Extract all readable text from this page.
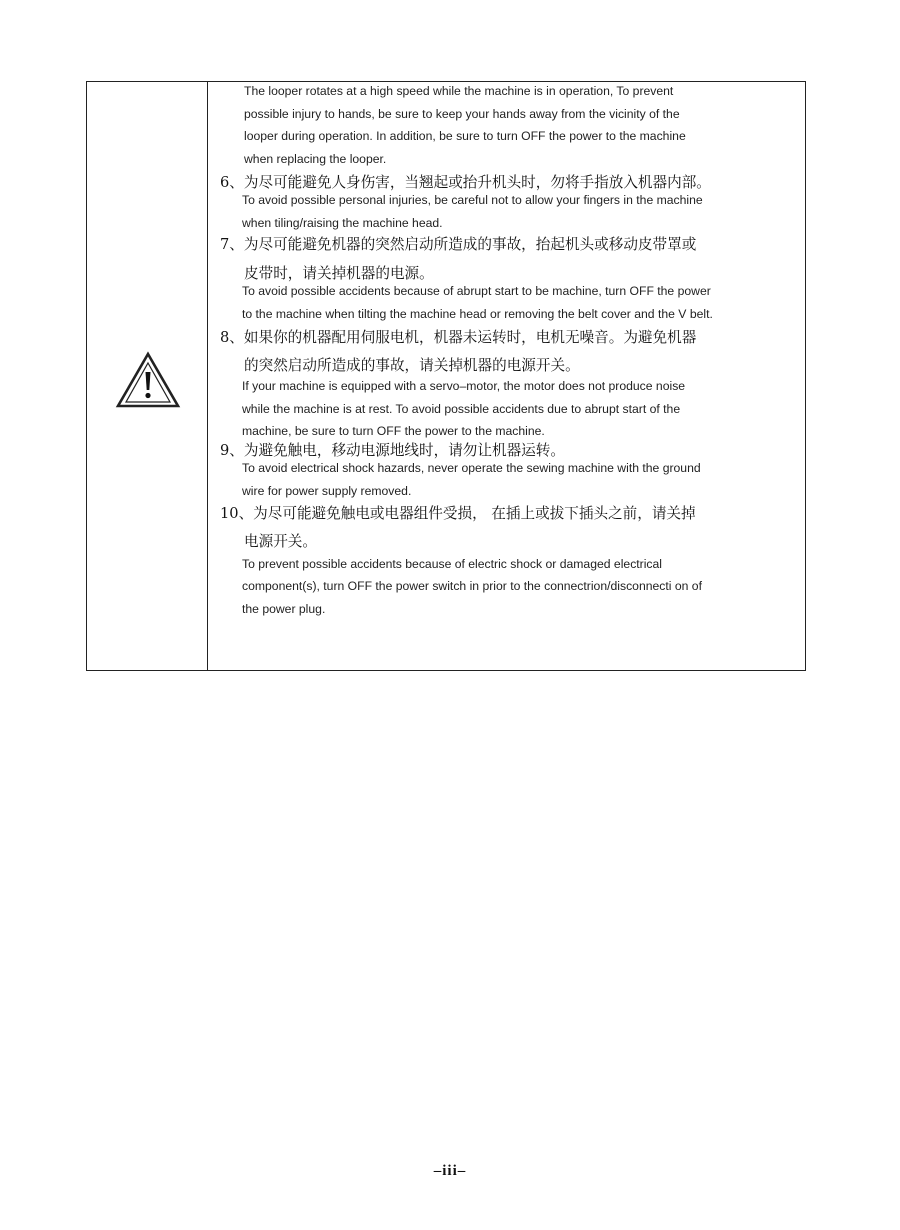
The looper rotates at a high speed while the machine is in operation, To prevent
possible injury to hands, be sure to keep your hands away from the vicinity of the
looper during operation. In addition, be sure to turn OFF the power to the machine
when replacing the looper.
6、为尽可能避免人身伤害，当翘起或抬升机头时，勿将手指放入机器内部。
To avoid possible personal injuries, be careful not to allow your fingers in the machine
when tiling/raising the machine head.
7、为尽可能避免机器的突然启动所造成的事故，抬起机头或移动皮带罩或
皮带时，请关掉机器的电源。
To avoid possible accidents because of abrupt start to be machine, turn OFF the power
to the machine when tilting the machine head or removing the belt cover and the V belt.
8、如果你的机器配用伺服电机，机器未运转时，电机无噪音。为避免机器
的突然启动所造成的事故，请关掉机器的电源开关。
If your machine is equipped with a servo–motor, the motor does not produce noise
while the machine is at rest. To avoid possible accidents due to abrupt start of the
machine, be sure to turn OFF the power to the machine.
9、为避免触电，移动电源地线时，请勿让机器运转。
To avoid electrical shock hazards, never operate the sewing machine with the ground
wire for power supply removed.
10、为尽可能避免触电或电器组件受损， 在插上或拔下插头之前，请关掉
电源开关。
To prevent possible accidents because of electric shock or damaged electrical
component(s), turn OFF the power switch in prior to the connectrion/disconnecti on of
the power plug.
–iii–
